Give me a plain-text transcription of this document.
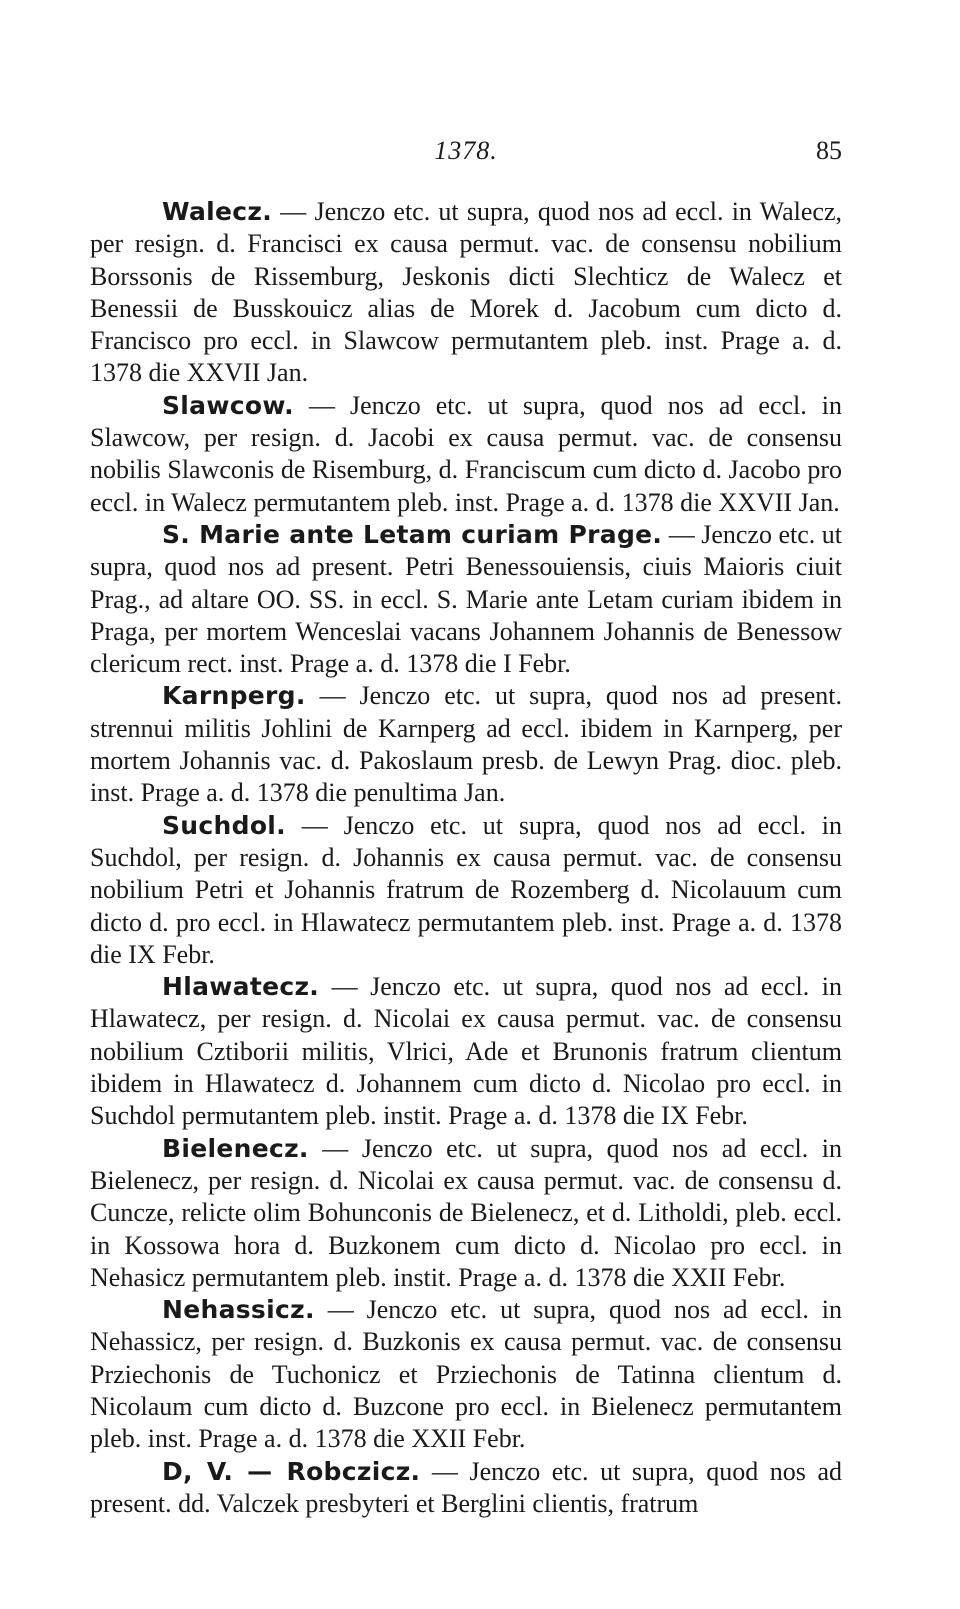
1378.	85

Walecz. — Jenczo etc. ut supra, quod nos ad eccl. in Walecz, per resign. d. Francisci ex causa permut. vac. de consensu nobilium Borssonis de Rissemburg, Jeskonis dicti Slechticz de Walecz et Benessii de Busskouicz alias de Morek d. Jacobum cum dicto d. Francisco pro eccl. in Slawcow permutantem pleb. inst. Prage a. d. 1378 die XXVII Jan.

Slawcow. — Jenczo etc. ut supra, quod nos ad eccl. in Slawcow, per resign. d. Jacobi ex causa permut. vac. de consensu nobilis Slawconis de Risemburg, d. Franciscum cum dicto d. Jacobo pro eccl. in Walecz permutantem pleb. inst. Prage a. d. 1378 die XXVII Jan.

S. Marie ante Letam curiam Prage. — Jenczo etc. ut supra, quod nos ad present. Petri Benessouiensis, ciuis Maioris ciuit Prag., ad altare OO. SS. in eccl. S. Marie ante Letam curiam ibidem in Praga, per mortem Wenceslai vacans Johannem Johannis de Benessow clericum rect. inst. Prage a. d. 1378 die I Febr.

Karnperg. — Jenczo etc. ut supra, quod nos ad present. strennui militis Johlini de Karnperg ad eccl. ibidem in Karnperg, per mortem Johannis vac. d. Pakoslaum presb. de Lewyn Prag. dioc. pleb. inst. Prage a. d. 1378 die penultima Jan.

Suchdol. — Jenczo etc. ut supra, quod nos ad eccl. in Suchdol, per resign. d. Johannis ex causa permut. vac. de consensu nobilium Petri et Johannis fratrum de Rozemberg d. Nicolauum cum dicto d. pro eccl. in Hlawatecz permutantem pleb. inst. Prage a. d. 1378 die IX Febr.

Hlawatecz. — Jenczo etc. ut supra, quod nos ad eccl. in Hlawatecz, per resign. d. Nicolai ex causa permut. vac. de consensu nobilium Cztiborii militis, Vlrici, Ade et Brunonis fratrum clientum ibidem in Hlawatecz d. Johannem cum dicto d. Nicolao pro eccl. in Suchdol permutantem pleb. instit. Prage a. d. 1378 die IX Febr.

Bielenecz. — Jenczo etc. ut supra, quod nos ad eccl. in Bielenecz, per resign. d. Nicolai ex causa permut. vac. de consensu d. Cuncze, relicte olim Bohunconis de Bielenecz, et d. Litholdi, pleb. eccl. in Kossowa hora d. Buzkonem cum dicto d. Nicolao pro eccl. in Nehasicz permutantem pleb. instit. Prage a. d. 1378 die XXII Febr.

Nehassicz. — Jenczo etc. ut supra, quod nos ad eccl. in Nehassicz, per resign. d. Buzkonis ex causa permut. vac. de consensu Prziechonis de Tuchonicz et Prziechonis de Tatinna clientum d. Nicolaum cum dicto d. Buzcone pro eccl. in Bielenecz permutantem pleb. inst. Prage a. d. 1378 die XXII Febr.

D, V. — Robczicz. — Jenczo etc. ut supra, quod nos ad present. dd. Valczek presbyteri et Berglini clientis, fratrum
